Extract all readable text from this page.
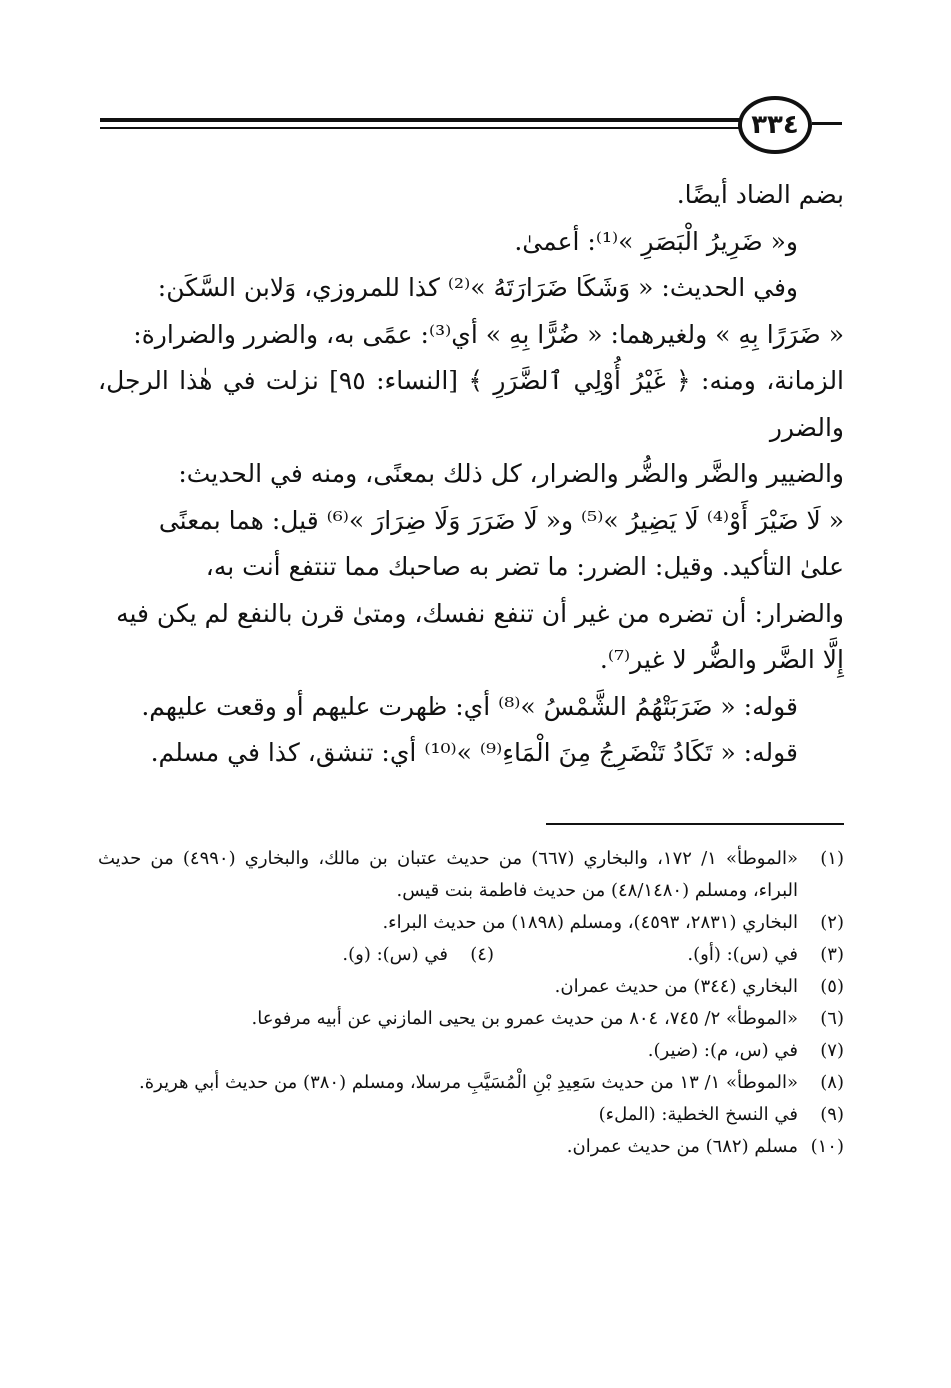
٣٣٤

بضم الضاد أيضًا.

و« ضَرِيرُ الْبَصَرِ »⁽¹⁾: أعمىٰ.

وفي الحديث: « وَشَكَا ضَرَارَتَهُ »⁽²⁾ كذا للمروزي، وَلابن السَّكَن:

« ضَرَرًا بِهِ » ولغيرهما: « ضُرًّا بِهِ » أي⁽³⁾: عمًى به، والضرر والضرارة:

الزمانة، ومنه: ﴿ غَيْرُ أُوْلِي ٱلضَّرَرِ ﴾ [النساء: ٩٥] نزلت في هٰذا الرجل، والضرر

والضيير والضَّر والضُّر والضرار، كل ذلك بمعنًى، ومنه في الحديث:

« لَا ضَيْرَ أَوْ⁽⁴⁾ لَا يَضِيرُ »⁽⁵⁾ و« لَا ضَرَرَ وَلَا ضِرَارَ »⁽⁶⁾ قيل: هما بمعنًى

علىٰ التأكيد. وقيل: الضرر: ما تضر به صاحبك مما تنتفع أنت به،

والضرار: أن تضره من غير أن تنفع نفسك، ومتىٰ قرن بالنفع لم يكن فيه

إِلَّا الضَّر والضُّر لا غير⁽⁷⁾.

قوله: « ضَرَبَتْهُمُ الشَّمْسُ »⁽⁸⁾ أي: ظهرت عليهم أو وقعت عليهم.

قوله: « تَكَادُ تَنْضَرِجُ مِنَ الْمَاءِ⁽⁹⁾ »⁽¹⁰⁾ أي: تنشق، كذا في مسلم.

(١)
«الموطأ» ١/ ١٧٢، والبخاري (٦٦٧) من حديث عتبان بن مالك، والبخاري (٤٩٩٠) من حديث البراء، ومسلم (٤٨/١٤٨٠) من حديث فاطمة بنت قيس.
(٢)
البخاري (٢٨٣١، ٤٥٩٣)، ومسلم (١٨٩٨) من حديث البراء.
(٣)
في (س): (أو).
(٤)
في (س): (و).
(٥)
البخاري (٣٤٤) من حديث عمران.
(٦)
«الموطأ» ٢/ ٧٤٥، ٨٠٤ من حديث عمرو بن يحيى المازني عن أبيه مرفوعا.
(٧)
في (س، م): (ضير).
(٨)
«الموطأ» ١/ ١٣ من حديث سَعِيدِ بْنِ الْمُسَيَّبِ مرسلا، ومسلم (٣٨٠) من حديث أبي هريرة.
(٩)
في النسخ الخطية: (الملء)
(١٠)
مسلم (٦٨٢) من حديث عمران.
